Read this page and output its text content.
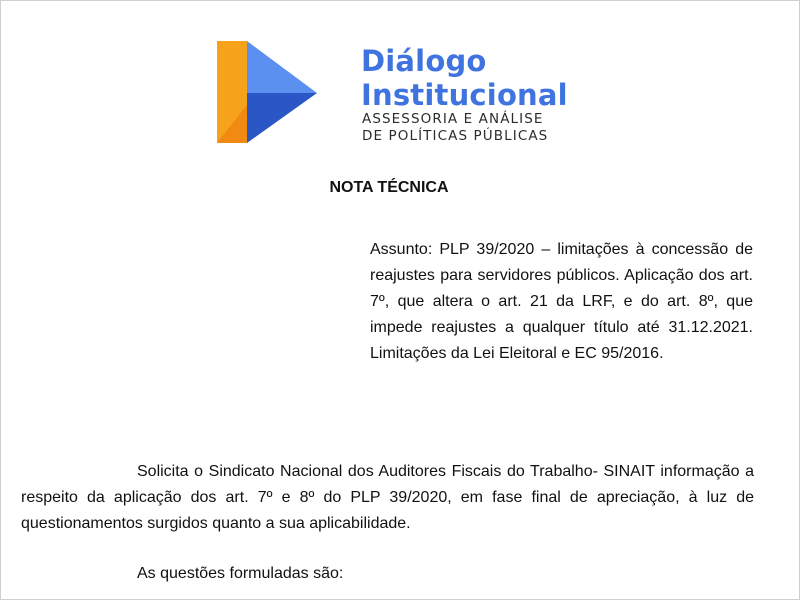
Diálogo
Institucional
ASSESSORIA E ANÁLISE
DE POLÍTICAS PÚBLICAS
NOTA TÉCNICA
Assunto: PLP 39/2020 – limitações à concessão de reajustes para servidores públicos. Aplicação dos art. 7º, que altera o art. 21 da LRF, e do art. 8º, que impede reajustes a qualquer título até 31.12.2021. Limitações da Lei Eleitoral e EC 95/2016.

Solicita o Sindicato Nacional dos Auditores Fiscais do Trabalho- SINAIT informação a respeito da aplicação dos art. 7º e 8º do PLP 39/2020, em fase final de apreciação, à luz de questionamentos surgidos quanto a sua aplicabilidade.

As questões formuladas são:
